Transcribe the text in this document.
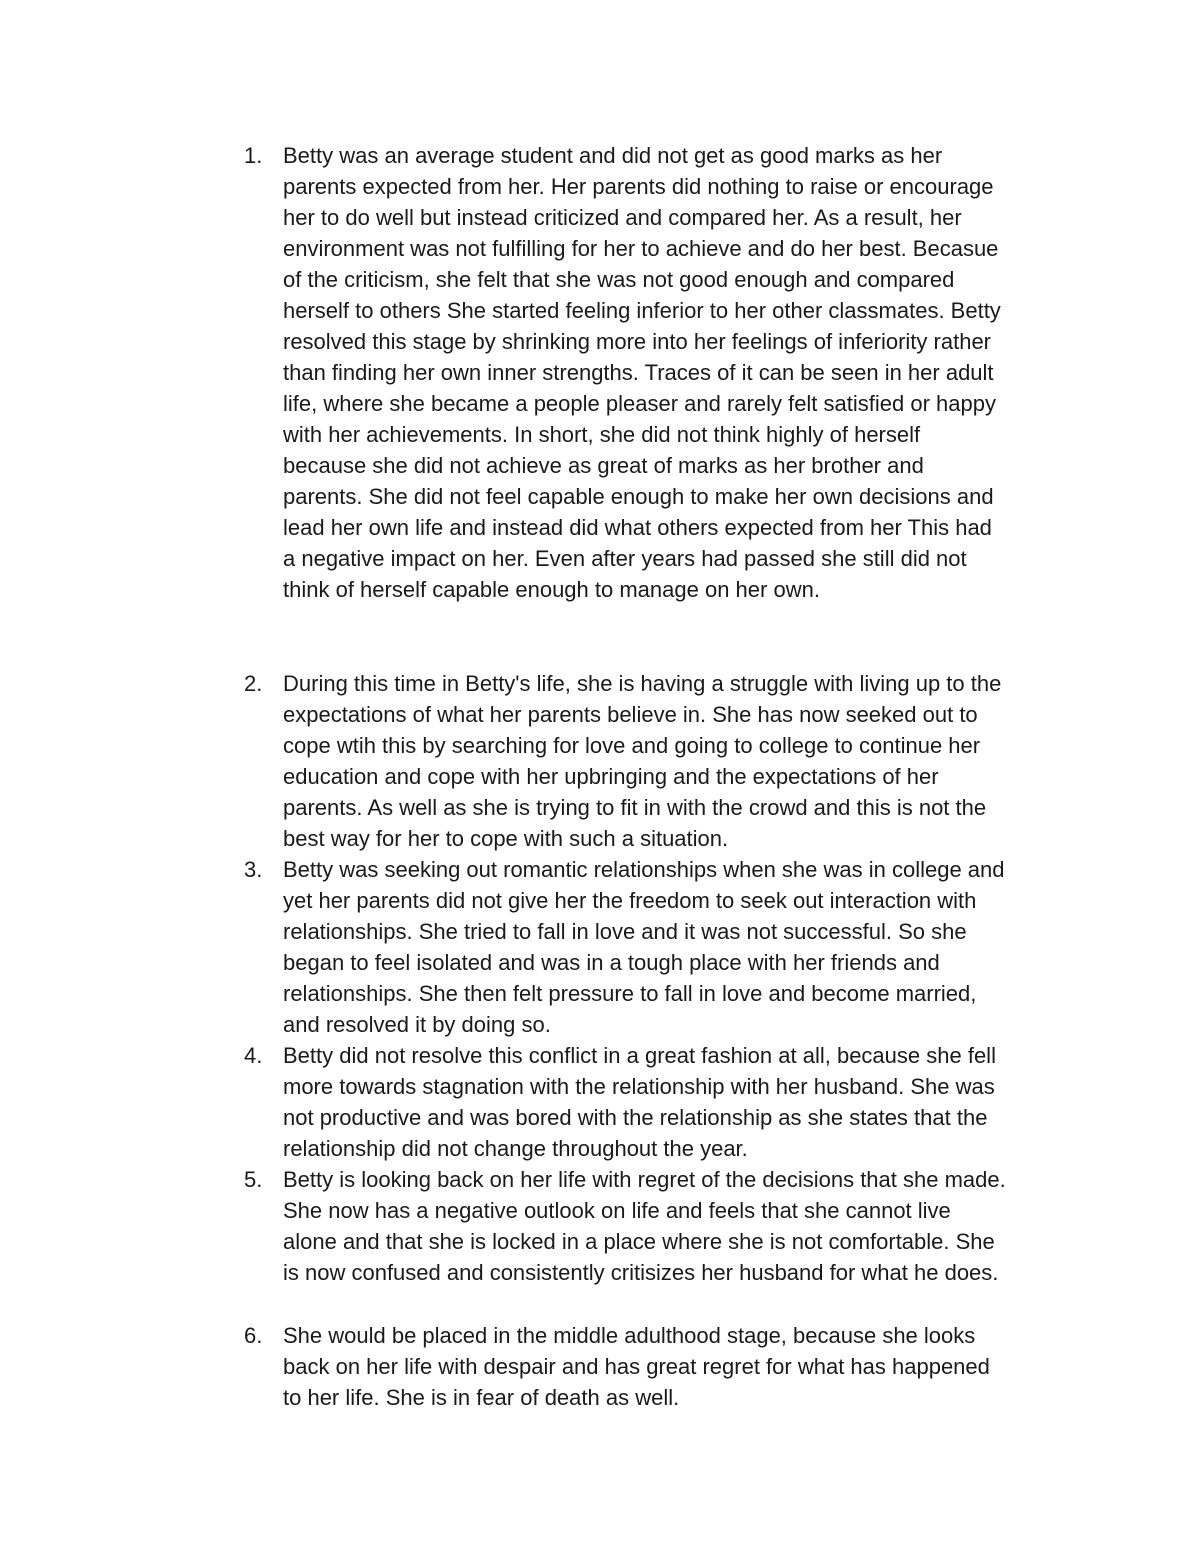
1. Betty was an average student and did not get as good marks as her
parents expected from her. Her parents did nothing to raise or encourage
her to do well but instead criticized and compared her. As a result, her
environment was not fulfilling for her to achieve and do her best. Becasue
of the criticism, she felt that she was not good enough and compared
herself to others She started feeling inferior to her other classmates. Betty
resolved this stage by shrinking more into her feelings of inferiority rather
than finding her own inner strengths. Traces of it can be seen in her adult
life, where she became a people pleaser and rarely felt satisfied or happy
with her achievements. In short, she did not think highly of herself
because she did not achieve as great of marks as her brother and
parents. She did not feel capable enough to make her own decisions and
lead her own life and instead did what others expected from her This had
a negative impact on her. Even after years had passed she still did not
think of herself capable enough to manage on her own.
2. During this time in Betty's life, she is having a struggle with living up to the
expectations of what her parents believe in. She has now seeked out to
cope wtih this by searching for love and going to college to continue her
education and cope with her upbringing and the expectations of her
parents. As well as she is trying to fit in with the crowd and this is not the
best way for her to cope with such a situation.
3. Betty was seeking out romantic relationships when she was in college and
yet her parents did not give her the freedom to seek out interaction with
relationships. She tried to fall in love and it was not successful. So she
began to feel isolated and was in a tough place with her friends and
relationships. She then felt pressure to fall in love and become married,
and resolved it by doing so.
4. Betty did not resolve this conflict in a great fashion at all, because she fell
more towards stagnation with the relationship with her husband. She was
not productive and was bored with the relationship as she states that the
relationship did not change throughout the year.
5. Betty is looking back on her life with regret of the decisions that she made.
She now has a negative outlook on life and feels that she cannot live
alone and that she is locked in a place where she is not comfortable. She
is now confused and consistently critisizes her husband for what he does.
6. She would be placed in the middle adulthood stage, because she looks
back on her life with despair and has great regret for what has happened
to her life. She is in fear of death as well.
